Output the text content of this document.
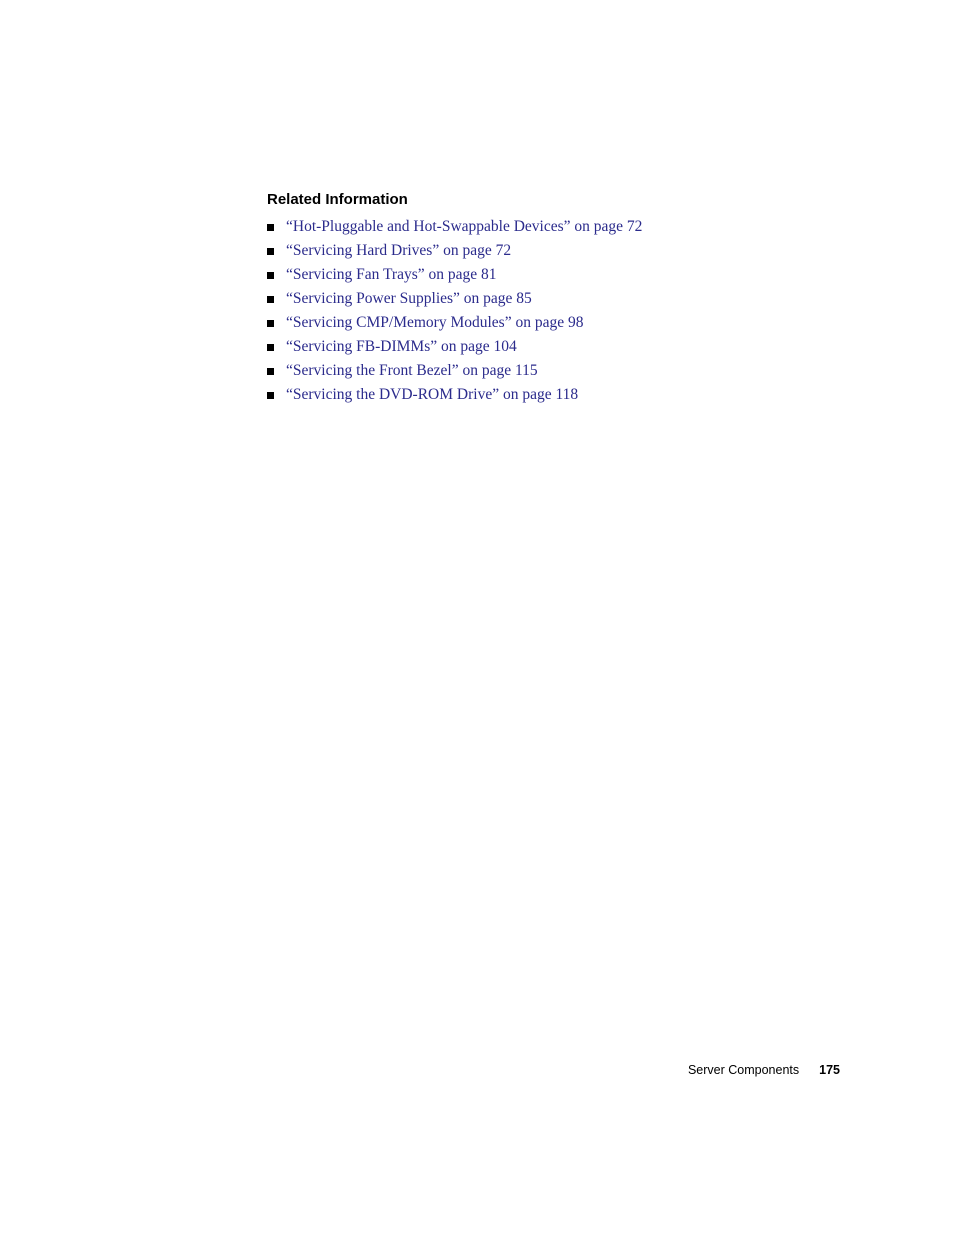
Related Information
“Hot-Pluggable and Hot-Swappable Devices” on page 72
“Servicing Hard Drives” on page 72
“Servicing Fan Trays” on page 81
“Servicing Power Supplies” on page 85
“Servicing CMP/Memory Modules” on page 98
“Servicing FB-DIMMs” on page 104
“Servicing the Front Bezel” on page 115
“Servicing the DVD-ROM Drive” on page 118
Server Components 175
